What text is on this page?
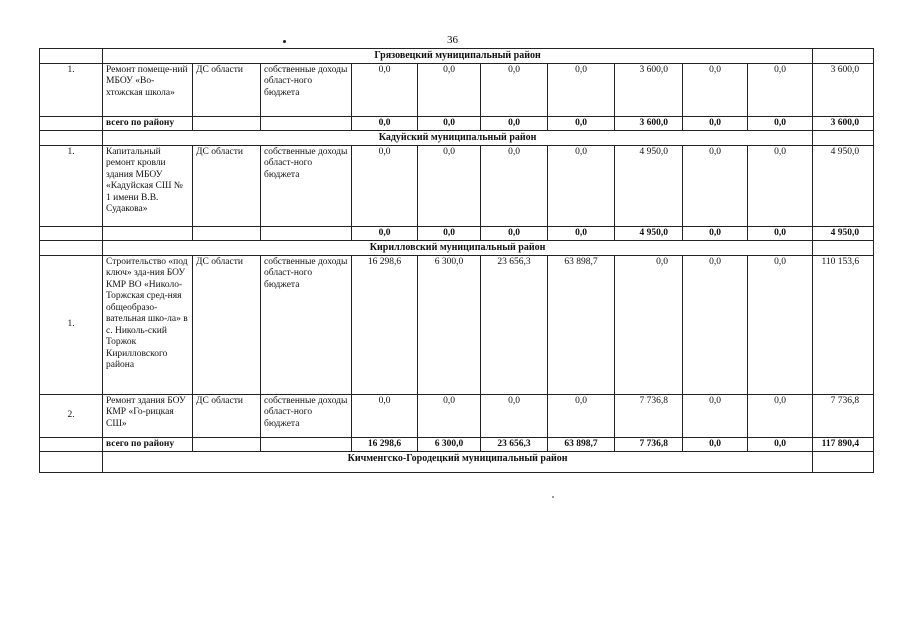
36
	Грязовецкий муниципальный район										
1.	Ремонт помеще-ний МБОУ «Во-хтожская школа»	ДС области	собственные доходы област-ного бюджета	0,0	0,0	0,0	0,0	3 600,0	0,0	0,0	3 600,0
	всего по району			0,0	0,0	0,0	0,0	3 600,0	0,0	0,0	3 600,0
	Кадуйский муниципальный район										
1.	Капитальный ремонт кровли здания МБОУ «Кадуйская СШ № 1 имени В.В. Судакова»	ДС области	собственные доходы област-ного бюджета	0,0	0,0	0,0	0,0	4 950,0	0,0	0,0	4 950,0
				0,0	0,0	0,0	0,0	4 950,0	0,0	0,0	4 950,0
	Кирилловский муниципальный район										
1.	Строительство «под ключ» зда-ния БОУ КМР ВО «Николо-Торжская сред-няя общеобразо-вательная шко-ла» в с. Николь-ский Торжок Кирилловского района	ДС области	собственные доходы област-ного бюджета	16 298,6	6 300,0	23 656,3	63 898,7	0,0	0,0	0,0	110 153,6
2.	Ремонт здания БОУ КМР «Го-рицкая СШ»	ДС области	собственные доходы област-ного бюджета	0,0	0,0	0,0	0,0	7 736,8	0,0	0,0	7 736,8
	всего по району			16 298,6	6 300,0	23 656,3	63 898,7	7 736,8	0,0	0,0	117 890,4
	Кичменгско-Городецкий муниципальный район										
